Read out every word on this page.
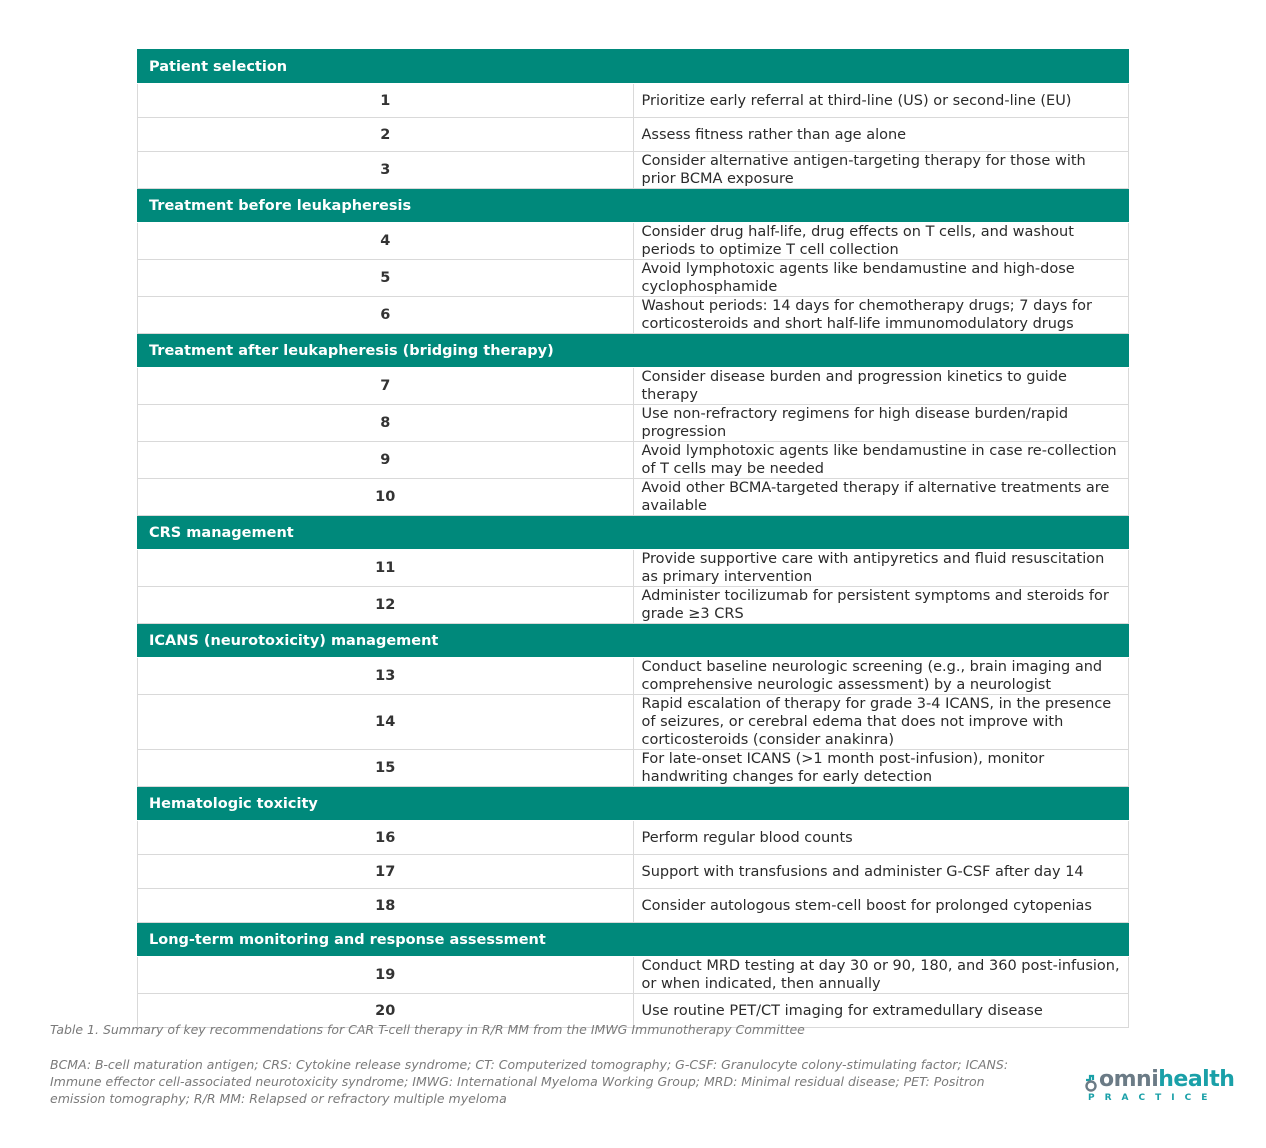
Patient selection	
1	Prioritize early referral at third-line (US) or second-line (EU)
2	Assess fitness rather than age alone
3	Consider alternative antigen-targeting therapy for those with prior BCMA exposure
Treatment before leukapheresis	
4	Consider drug half-life, drug effects on T cells, and washout periods to optimize T cell collection
5	Avoid lymphotoxic agents like bendamustine and high-dose cyclophosphamide
6	Washout periods: 14 days for chemotherapy drugs; 7 days for corticosteroids and short half-life immunomodulatory drugs
Treatment after leukapheresis (bridging therapy)	
7	Consider disease burden and progression kinetics to guide therapy
8	Use non-refractory regimens for high disease burden/rapid progression
9	Avoid lymphotoxic agents like bendamustine in case re-collection of T cells may be needed
10	Avoid other BCMA-targeted therapy if alternative treatments are available
CRS management	
11	Provide supportive care with antipyretics and fluid resuscitation as primary intervention
12	Administer tocilizumab for persistent symptoms and steroids for grade ≥3 CRS
ICANS (neurotoxicity) management	
13	Conduct baseline neurologic screening (e.g., brain imaging and comprehensive neurologic assessment) by a neurologist
14	Rapid escalation of therapy for grade 3-4 ICANS, in the presence of seizures, or cerebral edema that does not improve with corticosteroids (consider anakinra)
15	For late-onset ICANS (>1 month post-infusion), monitor handwriting changes for early detection
Hematologic toxicity	
16	Perform regular blood counts
17	Support with transfusions and administer G-CSF after day 14
18	Consider autologous stem-cell boost for prolonged cytopenias
Long-term monitoring and response assessment	
19	Conduct MRD testing at day 30 or 90, 180, and 360 post-infusion, or when indicated, then annually
20	Use routine PET/CT imaging for extramedullary disease
Table 1. Summary of key recommendations for CAR T-cell therapy in R/R MM from the IMWG Immunotherapy Committee
BCMA: B-cell maturation antigen; CRS: Cytokine release syndrome; CT: Computerized tomography; G-CSF: Granulocyte colony-stimulating factor; ICANS: Immune effector cell-associated neurotoxicity syndrome; IMWG: International Myeloma Working Group; MRD: Minimal residual disease; PET: Positron emission tomography; R/R MM: Relapsed or refractory multiple myeloma
omni health
PRACTICE
